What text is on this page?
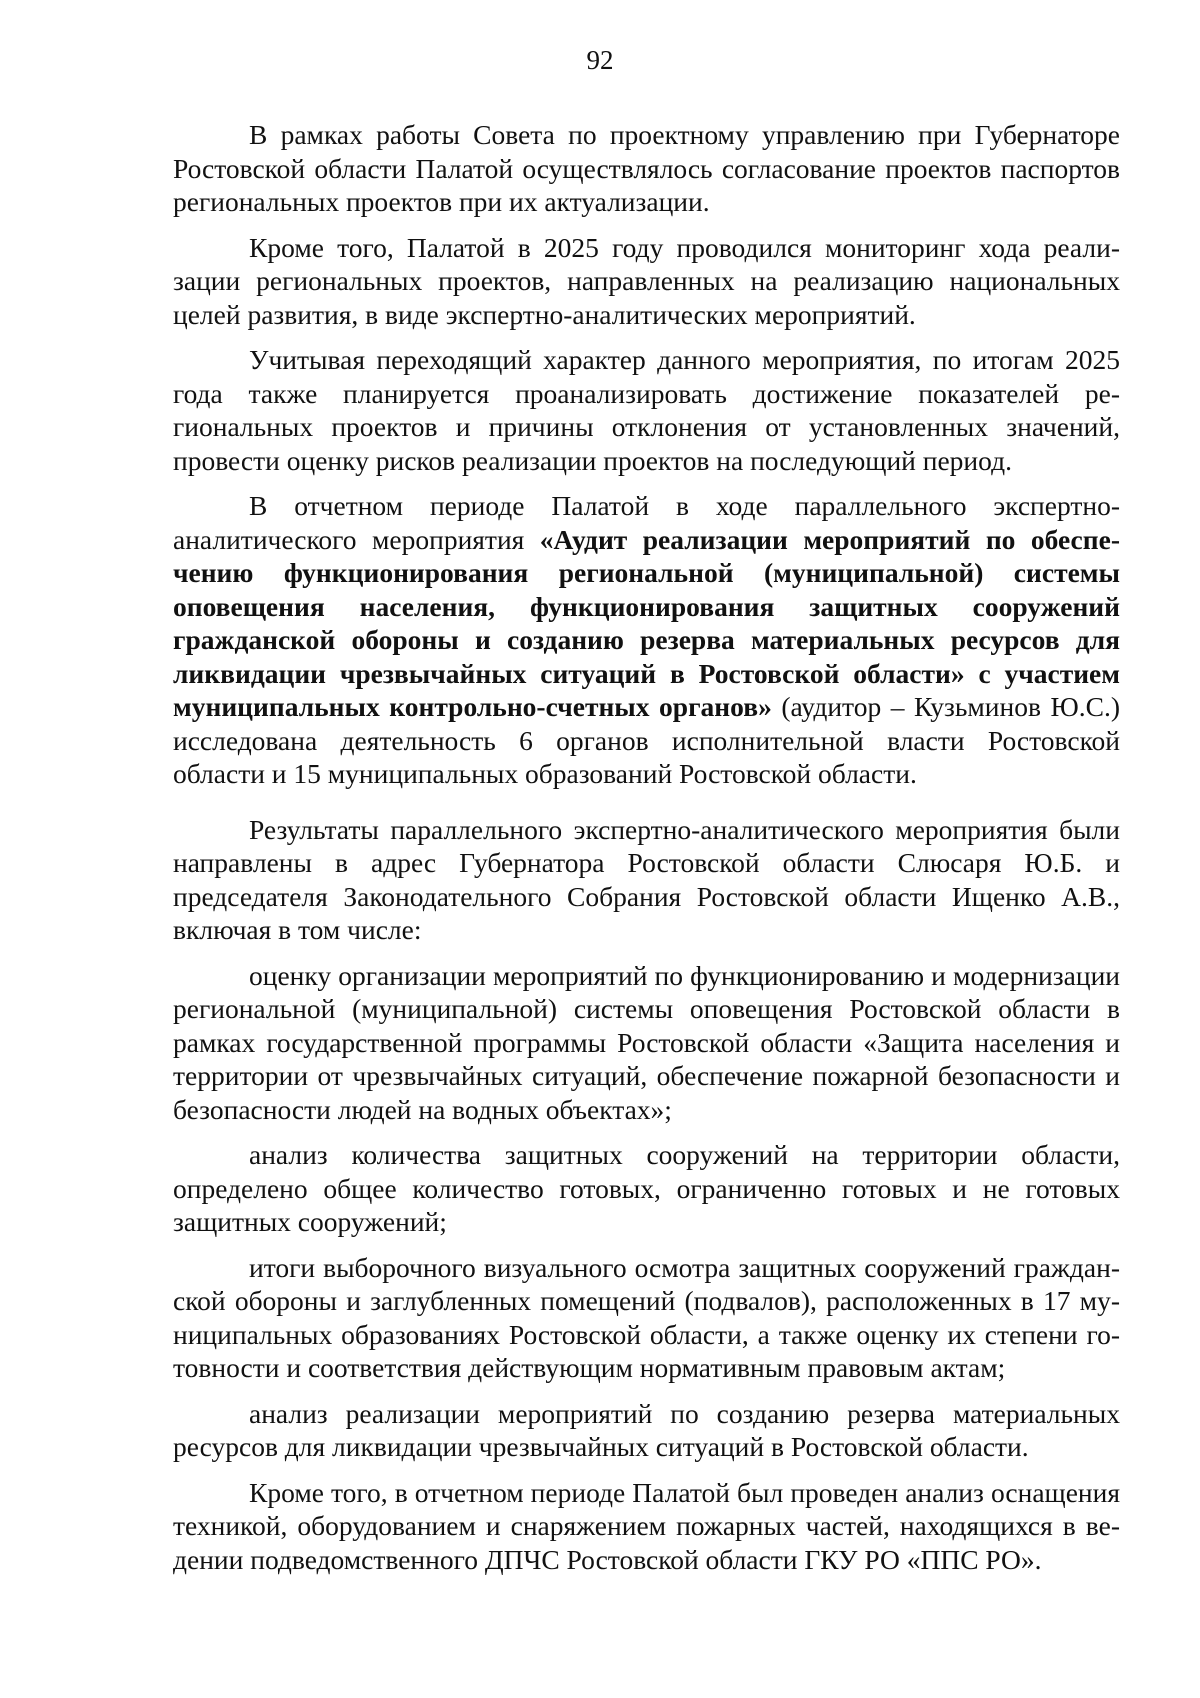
92

В рамках работы Совета по проектному управлению при Губернаторе Ростовской области Палатой осуществлялось согласование проектов паспортов региональных проектов при их актуализации.

Кроме того, Палатой в 2025 году проводился мониторинг хода реализации региональных проектов, направленных на реализацию национальных целей развития, в виде экспертно-аналитических мероприятий.

Учитывая переходящий характер данного мероприятия, по итогам 2025 года также планируется проанализировать достижение показателей региональных проектов и причины отклонения от установленных значений, провести оценку рисков реализации проектов на последующий период.

В отчетном периоде Палатой в ходе параллельного экспертно-аналитического мероприятия «Аудит реализации мероприятий по обеспечению функционирования региональной (муниципальной) системы оповещения населения, функционирования защитных сооружений гражданской обороны и созданию резерва материальных ресурсов для ликвидации чрезвычайных ситуаций в Ростовской области» с участием муниципальных контрольно-счетных органов» (аудитор – Кузьминов Ю.С.) исследована деятельность 6 органов исполнительной власти Ростовской области и 15 муниципальных образований Ростовской области.

Результаты параллельного экспертно-аналитического мероприятия были направлены в адрес Губернатора Ростовской области Слюсаря Ю.Б. и председателя Законодательного Собрания Ростовской области Ищенко А.В., включая в том числе:

оценку организации мероприятий по функционированию и модернизации региональной (муниципальной) системы оповещения Ростовской области в рамках государственной программы Ростовской области «Защита населения и территории от чрезвычайных ситуаций, обеспечение пожарной безопасности и безопасности людей на водных объектах»;

анализ количества защитных сооружений на территории области, определено общее количество готовых, ограниченно готовых и не готовых защитных сооружений;

итоги выборочного визуального осмотра защитных сооружений гражданской обороны и заглубленных помещений (подвалов), расположенных в 17 муниципальных образованиях Ростовской области, а также оценку их степени готовности и соответствия действующим нормативным правовым актам;

анализ реализации мероприятий по созданию резерва материальных ресурсов для ликвидации чрезвычайных ситуаций в Ростовской области.

Кроме того, в отчетном периоде Палатой был проведен анализ оснащения техникой, оборудованием и снаряжением пожарных частей, находящихся в ведении подведомственного ДПЧС Ростовской области ГКУ РО «ППС РО».
